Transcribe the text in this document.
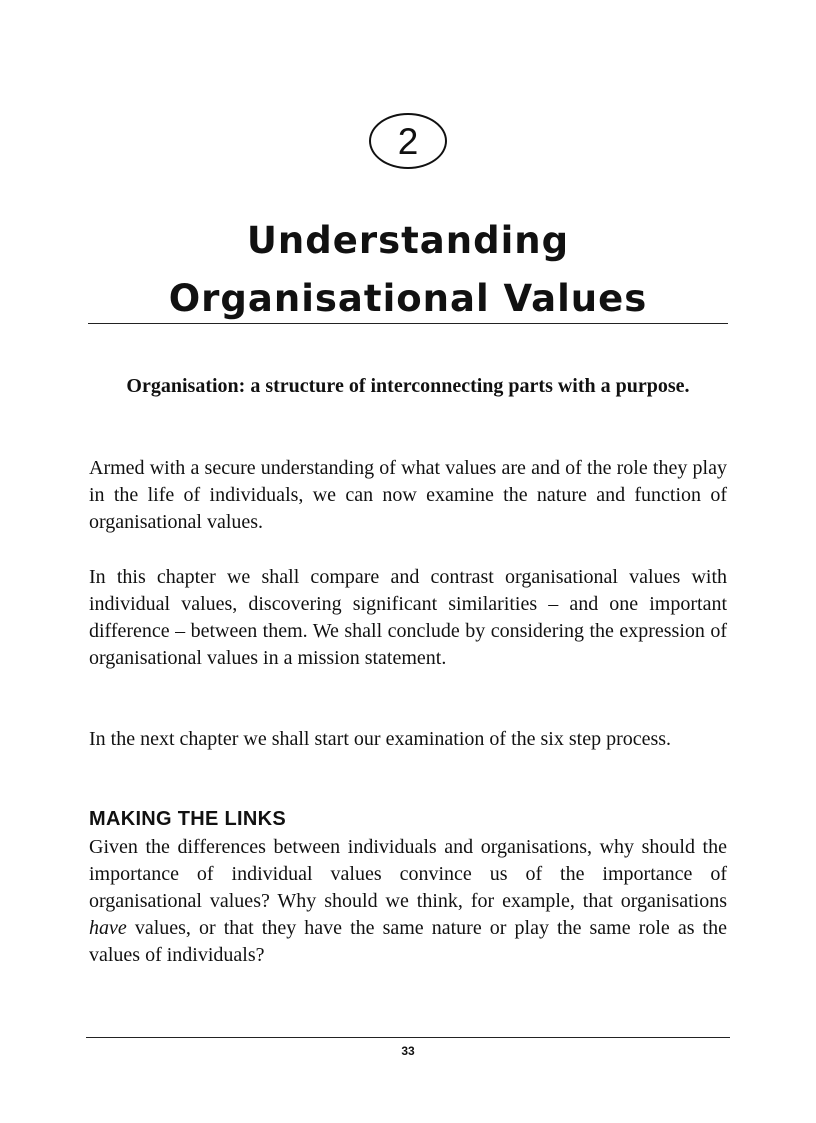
2
Understanding
Organisational Values

Organisation: a structure of interconnecting parts with a purpose.

Armed with a secure understanding of what values are and of the role they play in the life of individuals, we can now examine the nature and function of organisational values.

In this chapter we shall compare and contrast organisational values with individual values, discovering significant similarities – and one important difference – between them. We shall conclude by considering the expression of organisational values in a mission statement.

In the next chapter we shall start our examination of the six step process.

MAKING THE LINKS

Given the differences between individuals and organisations, why should the importance of individual values convince us of the importance of organisational values? Why should we think, for example, that organisations have values, or that they have the same nature or play the same role as the values of individuals?

33
